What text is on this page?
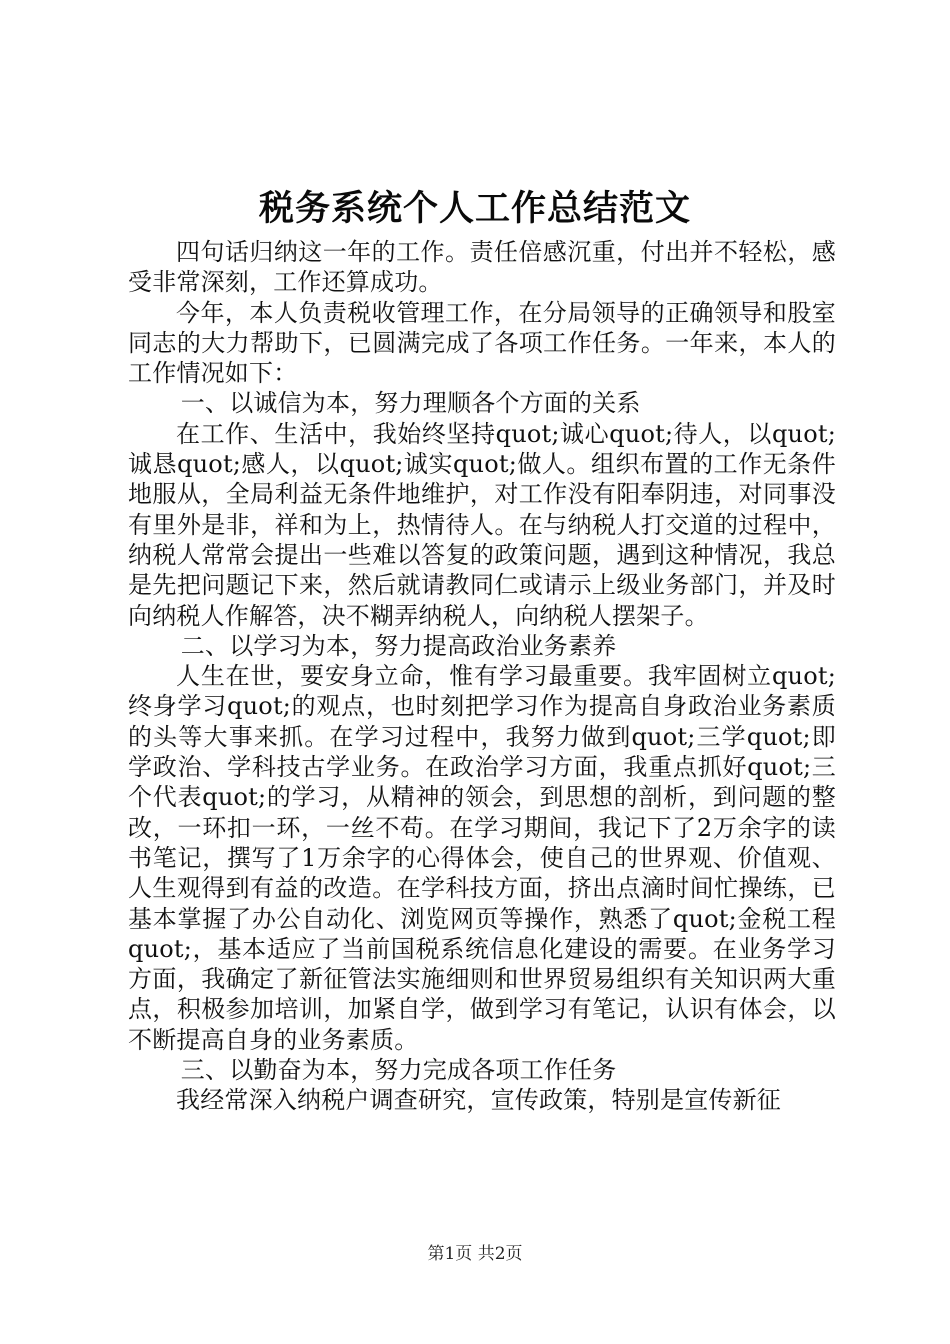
税务系统个人工作总结范文

四句话归纳这一年的工作。责任倍感沉重，付出并不轻松，感受非常深刻，工作还算成功。

今年，本人负责税收管理工作，在分局领导的正确领导和股室同志的大力帮助下，已圆满完成了各项工作任务。一年来，本人的工作情况如下：

一、以诚信为本，努力理顺各个方面的关系

在工作、生活中，我始终坚持quot;诚心quot;待人，以quot;诚恳quot;感人，以quot;诚实quot;做人。组织布置的工作无条件地服从，全局利益无条件地维护，对工作没有阳奉阴违，对同事没有里外是非，祥和为上，热情待人。在与纳税人打交道的过程中，纳税人常常会提出一些难以答复的政策问题，遇到这种情况，我总是先把问题记下来，然后就请教同仁或请示上级业务部门，并及时向纳税人作解答，决不糊弄纳税人，向纳税人摆架子。

二、以学习为本，努力提高政治业务素养

人生在世，要安身立命，惟有学习最重要。我牢固树立quot;终身学习quot;的观点，也时刻把学习作为提高自身政治业务素质的头等大事来抓。在学习过程中，我努力做到quot;三学quot;即学政治、学科技古学业务。在政治学习方面，我重点抓好quot;三个代表quot;的学习，从精神的领会，到思想的剖析，到问题的整改，一环扣一环，一丝不苟。在学习期间，我记下了2万余字的读书笔记，撰写了1万余字的心得体会，使自己的世界观、价值观、人生观得到有益的改造。在学科技方面，挤出点滴时间忙操练，已基本掌握了办公自动化、浏览网页等操作，熟悉了quot;金税工程quot;，基本适应了当前国税系统信息化建设的需要。在业务学习方面，我确定了新征管法实施细则和世界贸易组织有关知识两大重点，积极参加培训，加紧自学，做到学习有笔记，认识有体会，以不断提高自身的业务素质。

三、以勤奋为本，努力完成各项工作任务

我经常深入纳税户调查研究，宣传政策，特别是宣传新征

第1页 共2页
